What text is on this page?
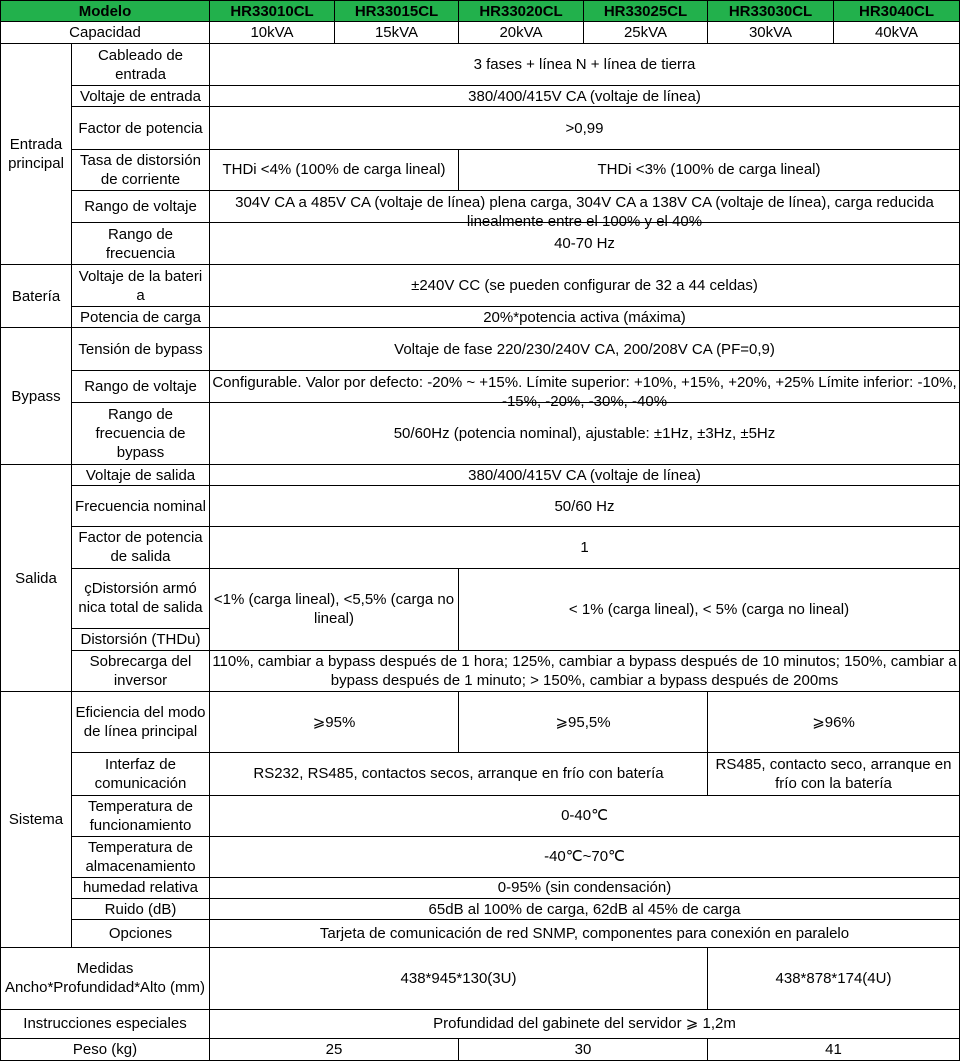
Modelo		HR33010CL	HR33015CL	HR33020CL	HR33025CL	HR33030CL	HR3040CL
Capacidad		10kVA	15kVA	20kVA	25kVA	30kVA	40kVA
Entrada principal	Cableado de entrada	3 fases + línea N + línea de tierra					
	Voltaje de entrada	380/400/415V CA (voltaje de línea)					
	Factor de potencia	>0,99					
	Tasa de distorsión de corriente	THDi <4% (100% de carga lineal)		THDi <3% (100% de carga lineal)			
	Rango de voltaje	304V CA a 485V CA (voltaje de línea) plena carga, 304V CA a 138V CA (voltaje de línea), carga reducida linealmente entre el 100% y el 40%					

	Rango de frecuencia	40-70 Hz					
Batería	Voltaje de la bateri a	±240V CC (se pueden configurar de 32 a 44 celdas)					
	Potencia de carga	20%*potencia activa (máxima)					
Bypass	Tensión de bypass	Voltaje de fase 220/230/240V CA, 200/208V CA (PF=0,9)					
	Rango de voltaje	Configurable. Valor por defecto: -20% ~ +15%. Límite superior: +10%, +15%, +20%, +25% Límite inferior: -10%, -15%, -20%, -30%, -40%					

	Rango de frecuencia de bypass	50/60Hz (potencia nominal), ajustable: ±1Hz, ±3Hz, ±5Hz					
Salida	Voltaje de salida	380/400/415V CA (voltaje de línea)					
	Frecuencia nominal	50/60 Hz					
	Factor de potencia de salida	1					
	çDistorsión armó nica total de salida	<1% (carga lineal), <5,5% (carga no lineal)		< 1% (carga lineal), < 5% (carga no lineal)			
	Distorsión (THDu)						
	Sobrecarga del inversor	110%, cambiar a bypass después de 1 hora; 125%, cambiar a bypass después de 10 minutos; 150%, cambiar a bypass después de 1 minuto; > 150%, cambiar a bypass después de 200ms					
Sistema	Eficiencia del modo de línea principal	⩾95%		⩾95,5%		⩾96%	
	Interfaz de comunicación	RS232, RS485, contactos secos, arranque en frío con batería				RS485, contacto seco, arranque en frío con la batería	
	Temperatura de funcionamiento	0-40℃					
	Temperatura de almacenamiento	-40℃~70℃					
	humedad relativa	0-95% (sin condensación)					
	Ruido (dB)	65dB al 100% de carga, 62dB al 45% de carga					
	Opciones	Tarjeta de comunicación de red SNMP, componentes para conexión en paralelo					
Medidas Ancho*Profundidad*Alto (mm)		438*945*130(3U)				438*878*174(4U)	
Instrucciones especiales		Profundidad del gabinete del servidor ⩾ 1,2m					
Peso (kg)		25		30		41	
